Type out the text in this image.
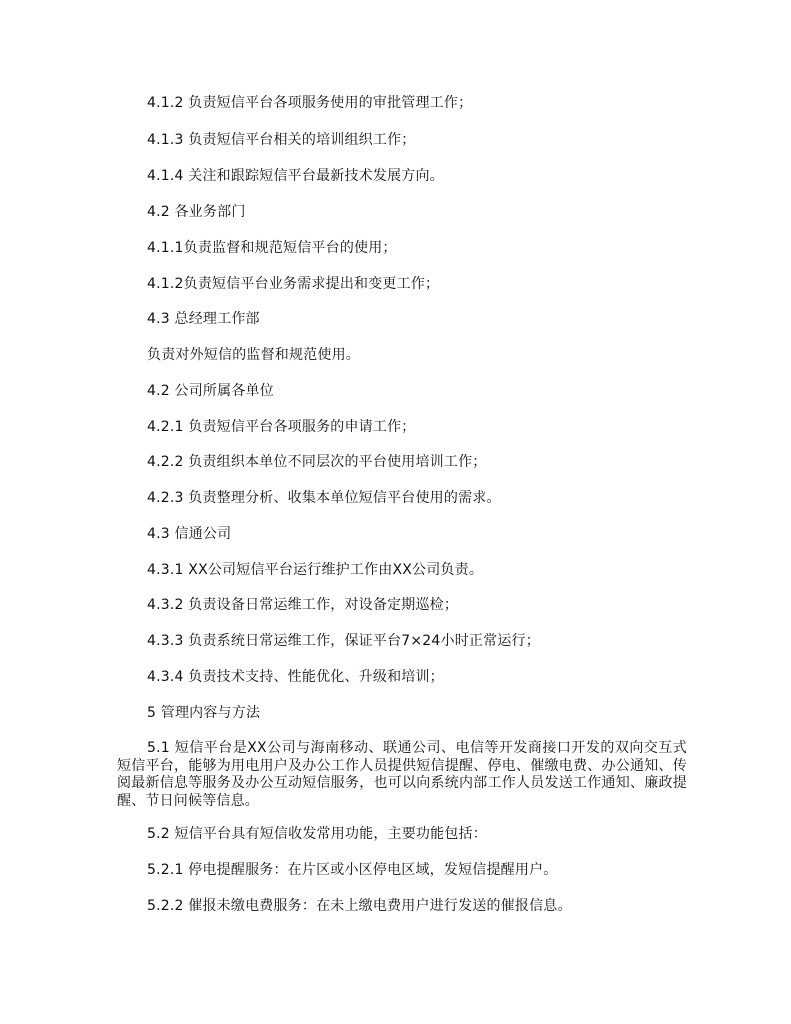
4.1.2 负责短信平台各项服务使用的审批管理工作；

4.1.3 负责短信平台相关的培训组织工作；

4.1.4 关注和跟踪短信平台最新技术发展方向。

4.2 各业务部门

4.1.1负责监督和规范短信平台的使用；

4.1.2负责短信平台业务需求提出和变更工作；

4.3 总经理工作部

负责对外短信的监督和规范使用。

4.2 公司所属各单位

4.2.1 负责短信平台各项服务的申请工作；

4.2.2 负责组织本单位不同层次的平台使用培训工作；

4.2.3 负责整理分析、收集本单位短信平台使用的需求。

4.3 信通公司

4.3.1 XX公司短信平台运行维护工作由XX公司负责。

4.3.2 负责设备日常运维工作，对设备定期巡检；

4.3.3 负责系统日常运维工作，保证平台7×24小时正常运行；

4.3.4 负责技术支持、性能优化、升级和培训；

5 管理内容与方法

5.1 短信平台是XX公司与海南移动、联通公司、电信等开发商接口开发的双向交互式短信平台，能够为用电用户及办公工作人员提供短信提醒、停电、催缴电费、办公通知、传阅最新信息等服务及办公互动短信服务，也可以向系统内部工作人员发送工作通知、廉政提醒、节日问候等信息。

5.2 短信平台具有短信收发常用功能，主要功能包括：

5.2.1 停电提醒服务：在片区或小区停电区域，发短信提醒用户。

5.2.2 催报未缴电费服务：在未上缴电费用户进行发送的催报信息。
